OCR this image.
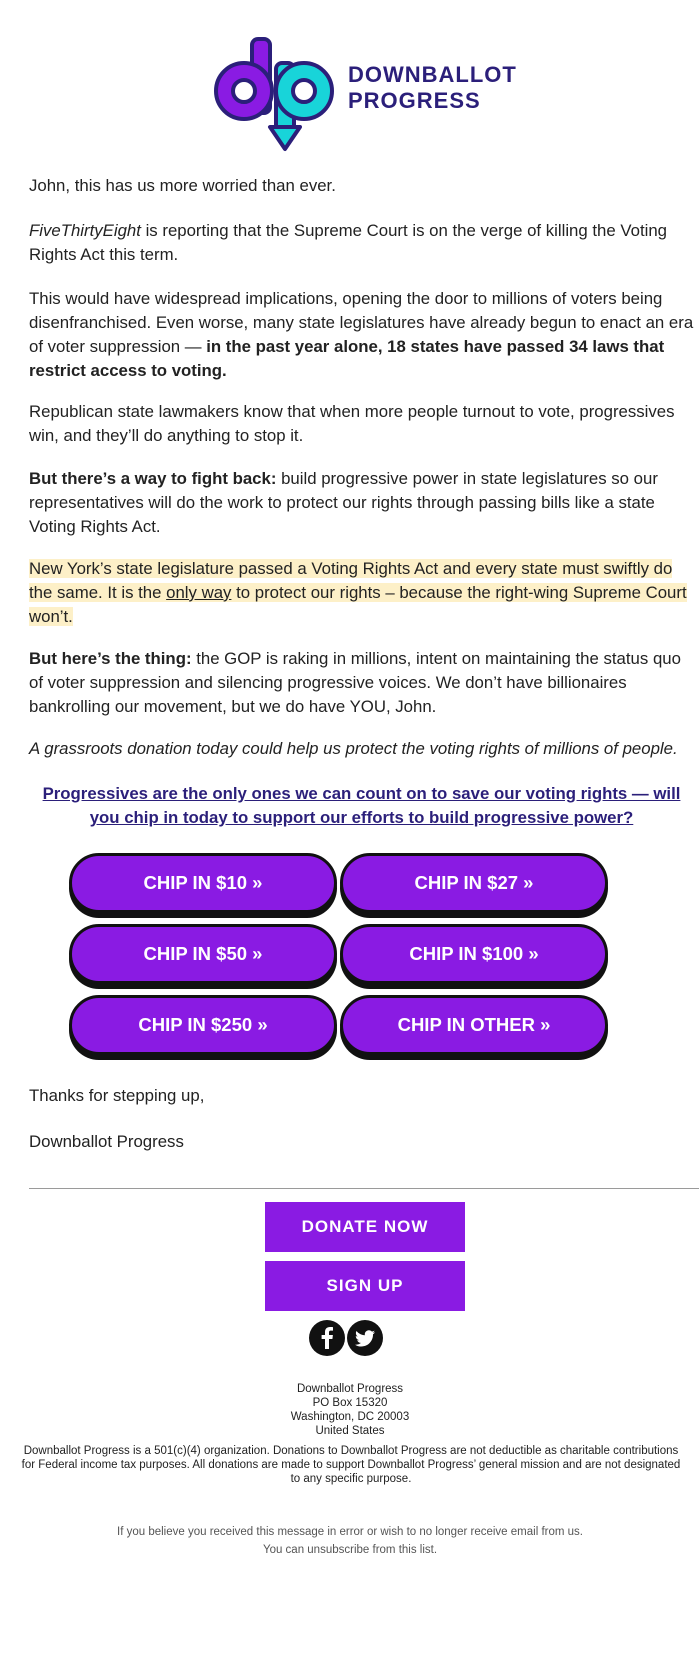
DOWNBALLOT
PROGRESS

John, this has us more worried than ever.

FiveThirtyEight is reporting that the Supreme Court is on the verge of killing the Voting Rights Act this term.

This would have widespread implications, opening the door to millions of voters being disenfranchised. Even worse, many state legislatures have already begun to enact an era of voter suppression — in the past year alone, 18 states have passed 34 laws that restrict access to voting.

Republican state lawmakers know that when more people turnout to vote, progressives win, and they’ll do anything to stop it.

But there’s a way to fight back: build progressive power in state legislatures so our representatives will do the work to protect our rights through passing bills like a state Voting Rights Act.

New York’s state legislature passed a Voting Rights Act and every state must swiftly do the same. It is the only way to protect our rights – because the right-wing Supreme Court won’t.

But here’s the thing: the GOP is raking in millions, intent on maintaining the status quo of voter suppression and silencing progressive voices. We don’t have billionaires bankrolling our movement, but we do have YOU, John.

A grassroots donation today could help us protect the voting rights of millions of people.

Progressives are the only ones we can count on to save our voting rights — will you chip in today to support our efforts to build progressive power?
CHIP IN $10 »	CHIP IN $27 »
CHIP IN $50 »	CHIP IN $100 »
CHIP IN $250 »	CHIP IN OTHER »

Thanks for stepping up,

Downballot Progress

DONATE NOW
SIGN UP
Downballot Progress
PO Box 15320
Washington, DC 20003
United States
Downballot Progress is a 501(c)(4) organization. Donations to Downballot Progress are not deductible as charitable contributions for Federal income tax purposes. All donations are made to support Downballot Progress’ general mission and are not designated to any specific purpose.
If you believe you received this message in error or wish to no longer receive email from us.
You can unsubscribe from this list.
